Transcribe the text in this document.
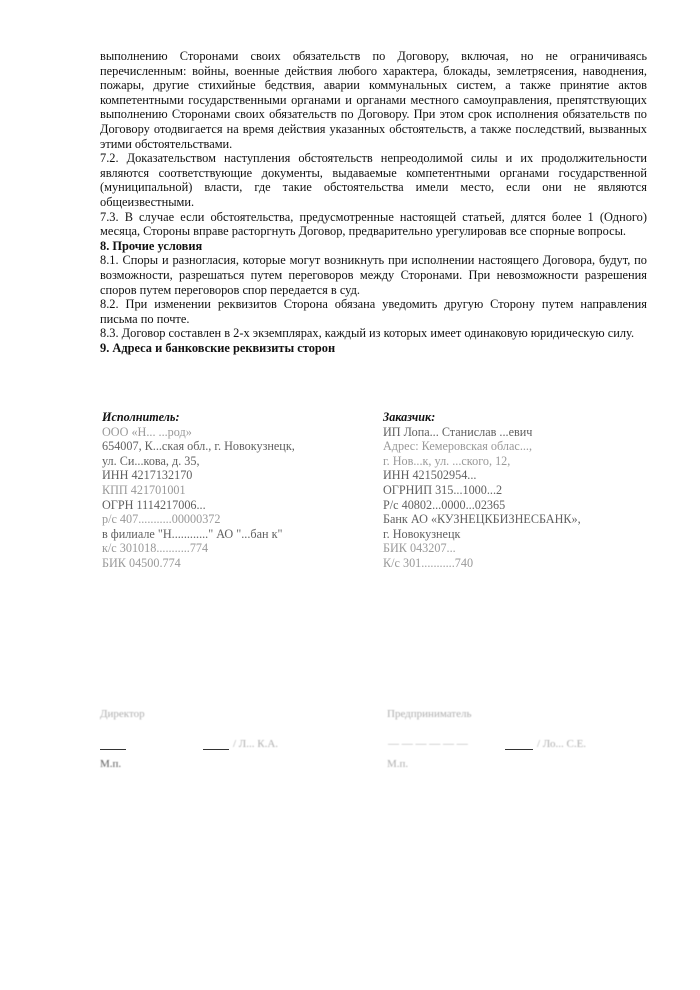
выполнению Сторонами своих обязательств по Договору, включая, но не ограничиваясь перечисленным: войны, военные действия любого характера, блокады, землетрясения, наводнения, пожары, другие стихийные бедствия, аварии коммунальных систем, а также принятие актов компетентными государственными органами и органами местного самоуправления, препятствующих выполнению Сторонами своих обязательств по Договору. При этом срок исполнения обязательств по Договору отодвигается на время действия указанных обстоятельств, а также последствий, вызванных этими обстоятельствами.

7.2. Доказательством наступления обстоятельств непреодолимой силы и их продолжительности являются соответствующие документы, выдаваемые компетентными органами государственной (муниципальной) власти, где такие обстоятельства имели место, если они не являются общеизвестными.

7.3. В случае если обстоятельства, предусмотренные настоящей статьей, длятся более 1 (Одного) месяца, Стороны вправе расторгнуть Договор, предварительно урегулировав все спорные вопросы.

8. Прочие условия

8.1. Споры и разногласия, которые могут возникнуть при исполнении настоящего Договора, будут, по возможности, разрешаться путем переговоров между Сторонами. При невозможности разрешения споров путем переговоров спор передается в суд.

8.2. При изменении реквизитов Сторона обязана уведомить другую Сторону путем направления письма по почте.

8.3. Договор составлен в 2-х экземплярах, каждый из которых имеет одинаковую юридическую силу.

9. Адреса и банковские реквизиты сторон

Исполнитель:
ООО «Н... ...род»
654007, К...ская обл., г. Новокузнецк,
ул. Си...кова, д. 35,
ИНН 4217132170
КПП 421701001
ОГРН 1114217006...
р/с 407...........00000372
в филиале "Н............" АО "...бан к"
к/с 301018...........774
БИК 04500.774
Заказчик:
ИП Лопа... Станислав ...евич
Адрес: Кемеровская облас...,
г. Нов...к, ул. ...ского, 12,
ИНН 421502954...
ОГРНИП 315...1000...2
Р/с 40802...0000...02365
Банк АО «КУЗНЕЦКБИЗНЕСБАНК»,
г. Новокузнецк
БИК 043207...
К/с 301...........740
Директор
/ Л... К.А.
М.п.
Предприниматель
— — — — — —	/ Ло... С.Е.
М.п.
